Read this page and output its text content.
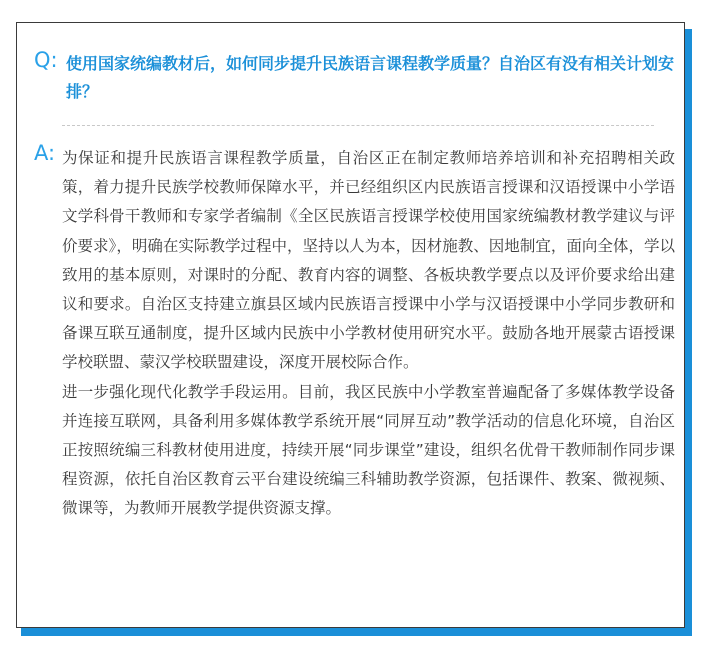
Q: 使用国家统编教材后，如何同步提升民族语言课程教学质量？自治区有没有相关计划安排？

A: 为保证和提升民族语言课程教学质量，自治区正在制定教师培养培训和补充招聘相关政策，着力提升民族学校教师保障水平，并已经组织区内民族语言授课和汉语授课中小学语文学科骨干教师和专家学者编制《全区民族语言授课学校使用国家统编教材教学建议与评价要求》，明确在实际教学过程中，坚持以人为本，因材施教、因地制宜，面向全体，学以致用的基本原则，对课时的分配、教育内容的调整、各板块教学要点以及评价要求给出建议和要求。自治区支持建立旗县区域内民族语言授课中小学与汉语授课中小学同步教研和备课互联互通制度，提升区域内民族中小学教材使用研究水平。鼓励各地开展蒙古语授课学校联盟、蒙汉学校联盟建设，深度开展校际合作。

进一步强化现代化教学手段运用。目前，我区民族中小学教室普遍配备了多媒体教学设备并连接互联网，具备利用多媒体教学系统开展“同屏互动”教学活动的信息化环境，自治区正按照统编三科教材使用进度，持续开展“同步课堂”建设，组织名优骨干教师制作同步课程资源，依托自治区教育云平台建设统编三科辅助教学资源，包括课件、教案、微视频、微课等，为教师开展教学提供资源支撑。
